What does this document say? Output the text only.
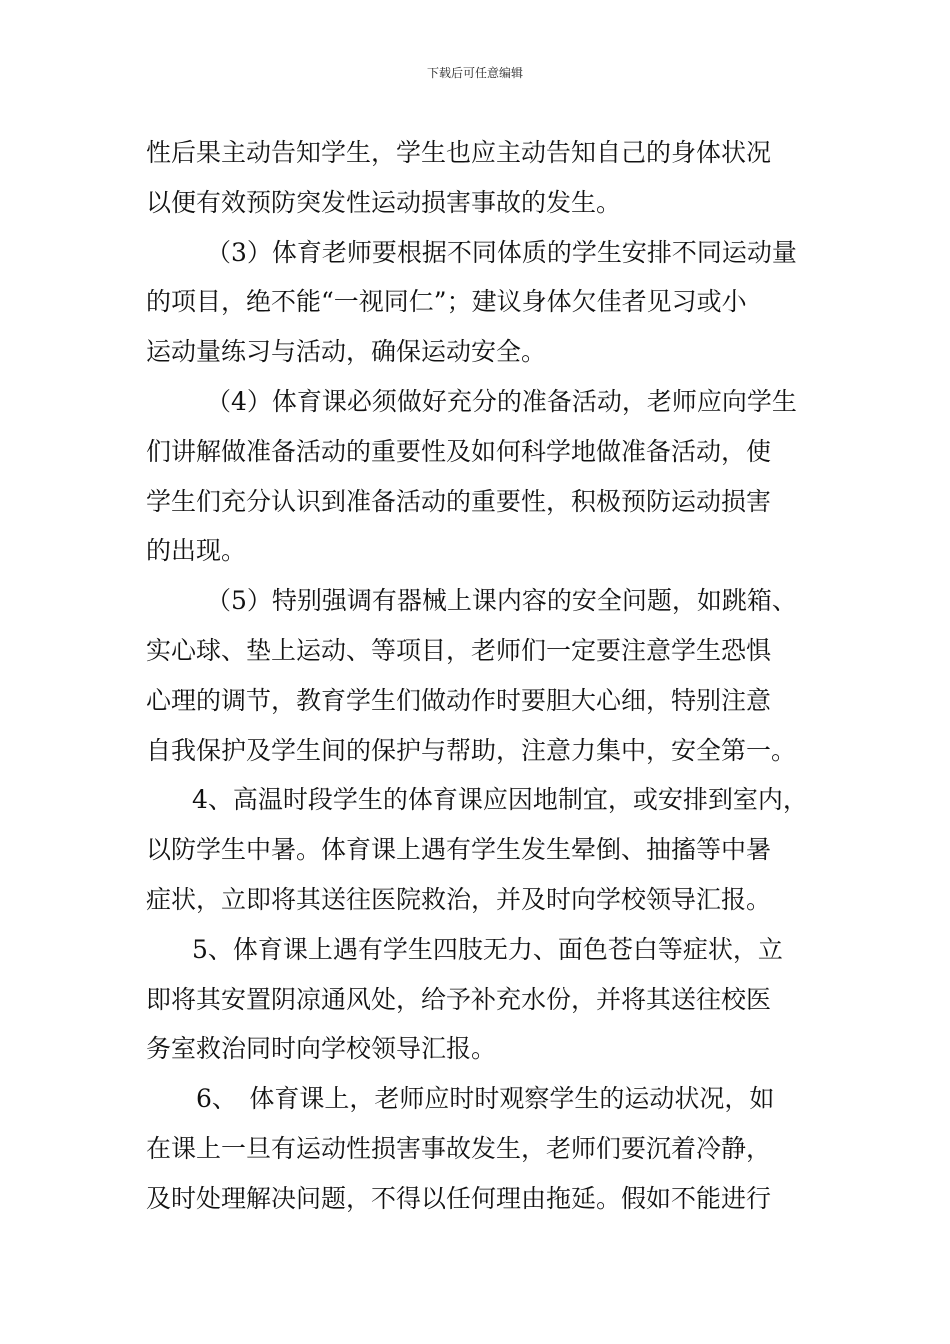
下载后可任意编辑
性后果主动告知学生，学生也应主动告知自己的身体状况
以便有效预防突发性运动损害事故的发生。
（3）体育老师要根据不同体质的学生安排不同运动量
的项目，绝不能“一视同仁”；建议身体欠佳者见习或小
运动量练习与活动，确保运动安全。
（4）体育课必须做好充分的准备活动，老师应向学生
们讲解做准备活动的重要性及如何科学地做准备活动，使
学生们充分认识到准备活动的重要性，积极预防运动损害
的出现。
（5）特别强调有器械上课内容的安全问题，如跳箱、
实心球、垫上运动、等项目，老师们一定要注意学生恐惧
心理的调节，教育学生们做动作时要胆大心细，特别注意
自我保护及学生间的保护与帮助，注意力集中，安全第一。
4、高温时段学生的体育课应因地制宜，或安排到室内，
以防学生中暑。体育课上遇有学生发生晕倒、抽搐等中暑
症状，立即将其送往医院救治，并及时向学校领导汇报。
5、体育课上遇有学生四肢无力、面色苍白等症状，立
即将其安置阴凉通风处，给予补充水份，并将其送往校医
务室救治同时向学校领导汇报。
6、　体育课上，老师应时时观察学生的运动状况，如
在课上一旦有运动性损害事故发生，老师们要沉着冷静，
及时处理解决问题，不得以任何理由拖延。假如不能进行
